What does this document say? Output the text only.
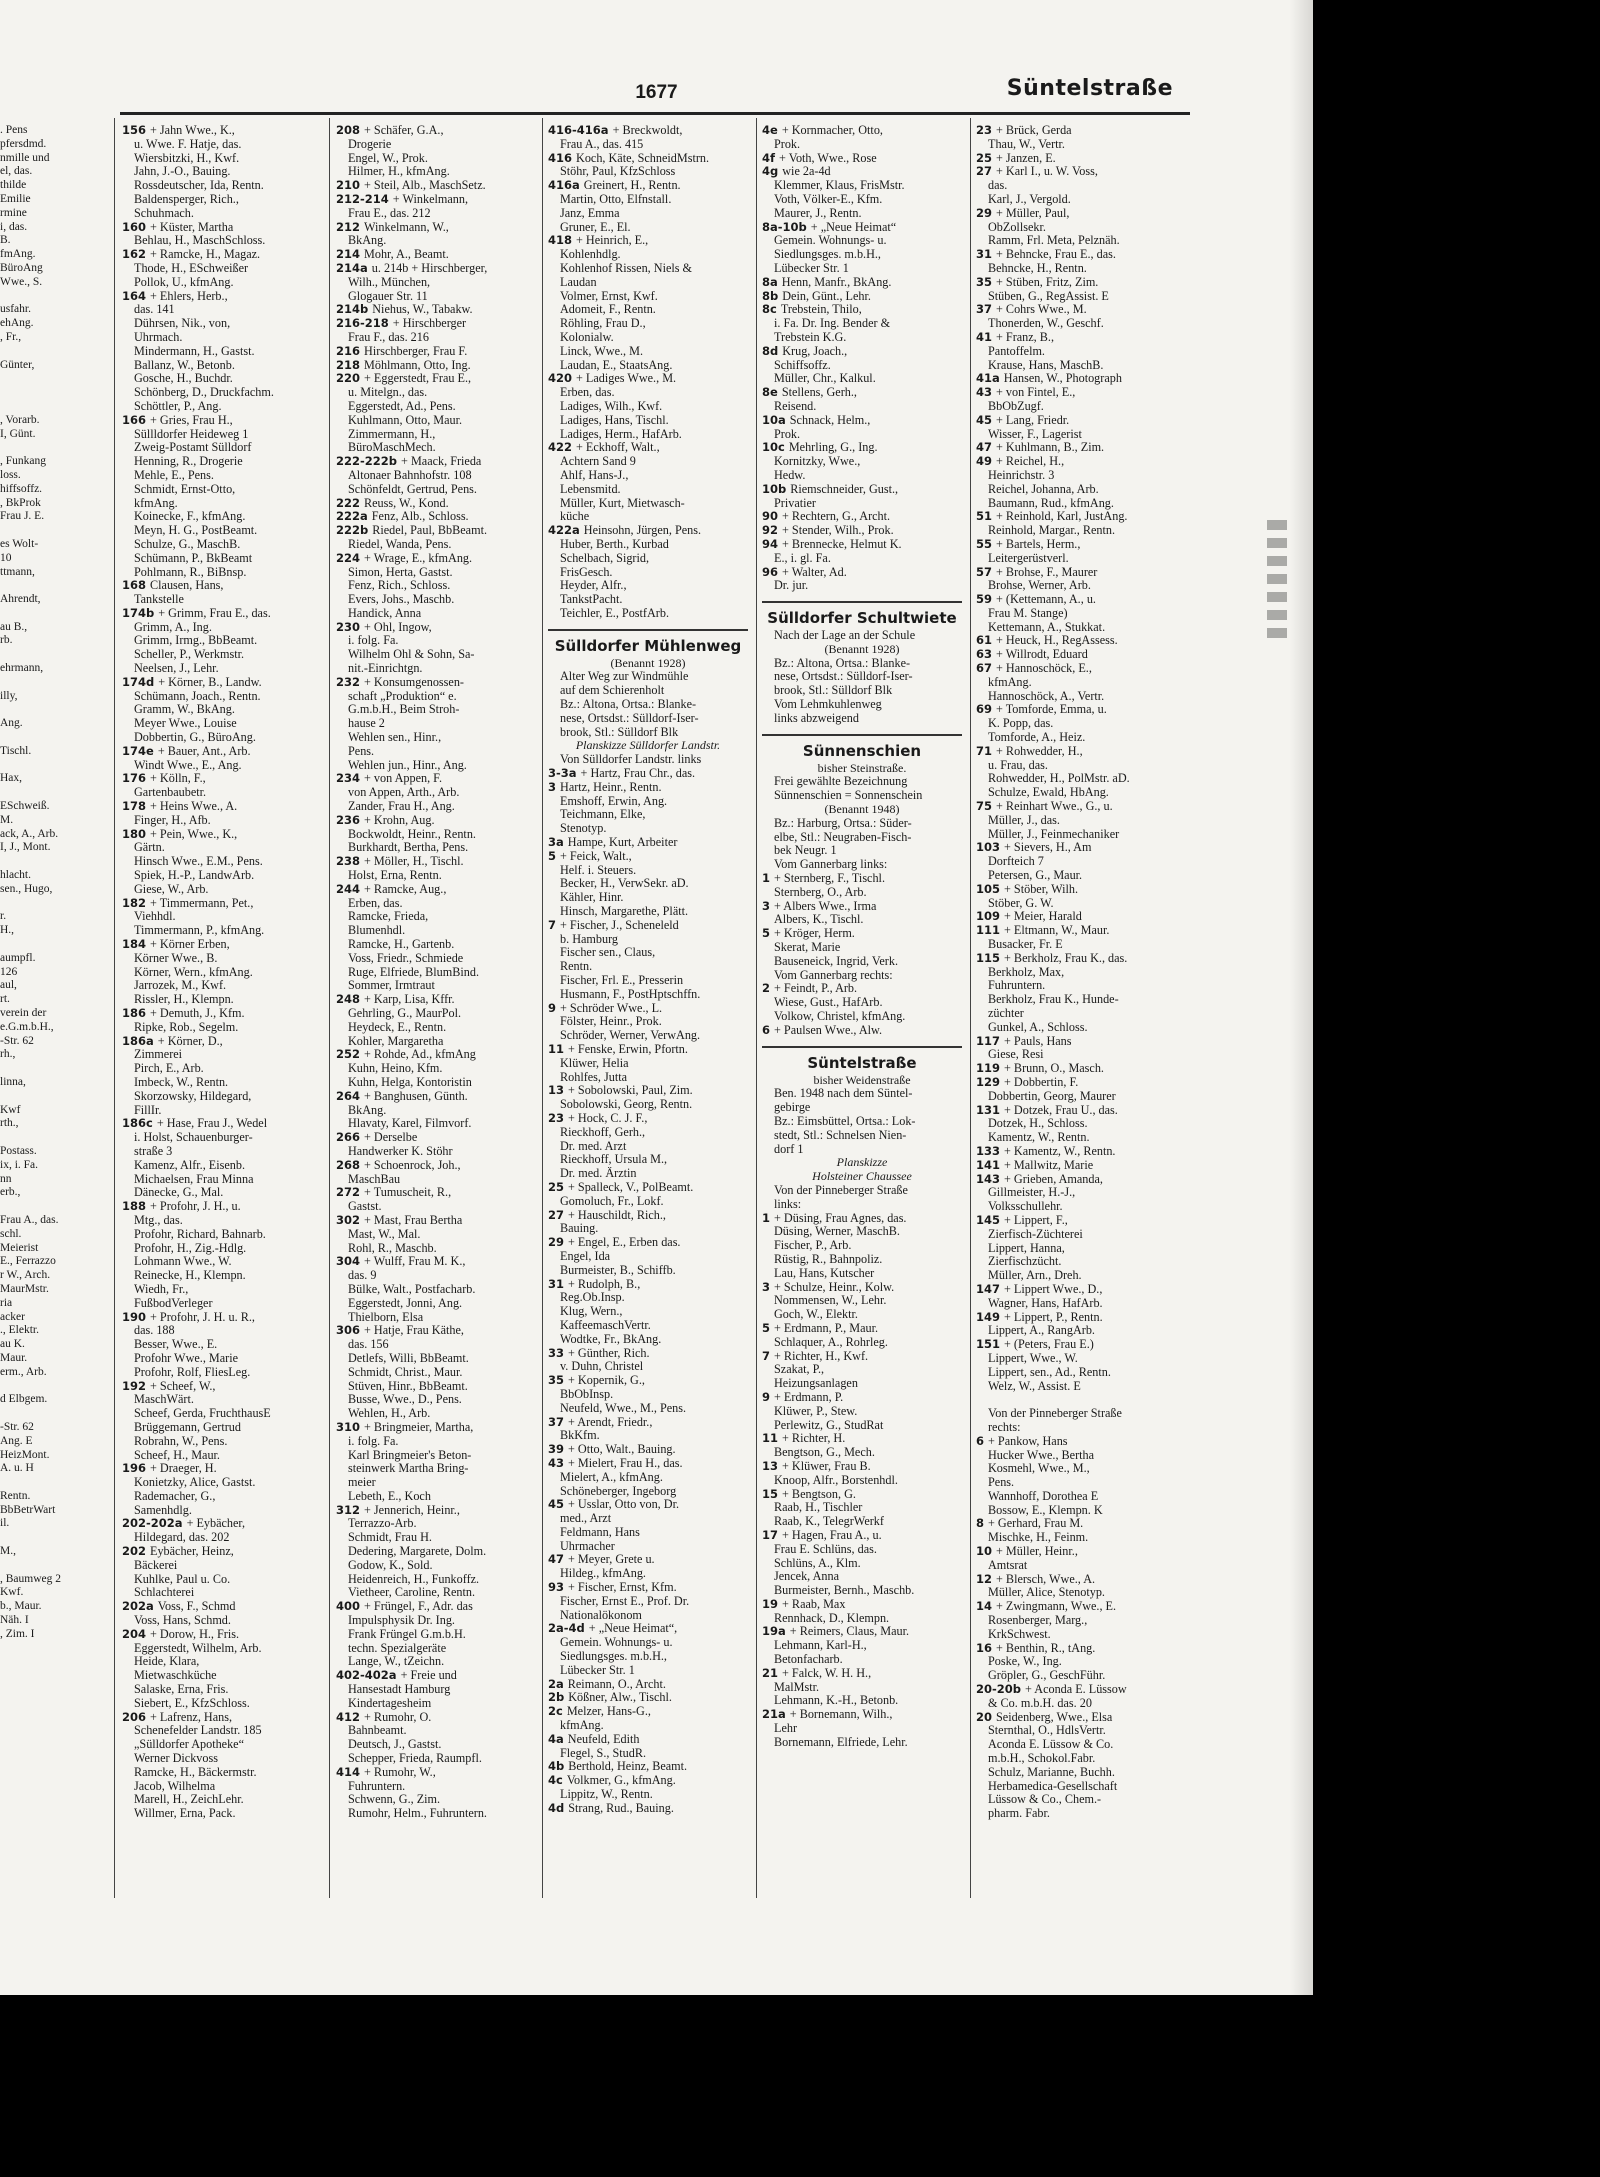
1677	Süntelstraße
. Pens
pfersdmd.
nmille und
el, das.
thilde
Emilie
rmine
i, das.
B.
fmAng.
BüroAng
Wwe., S.

usfahr.
ehAng.
, Fr.,

Günter,

, Vorarb.
I, Günt.

, Funkang
loss.
hiffsoffz.
, BkProk
Frau J. E.

es Wolt-
10
ttmann,

Ahrendt,

au B.,
rb.

ehrmann,

illy,

Ang.

Tischl.

Hax,

ESchweiß.
M.
ack, A., Arb.
I, J., Mont.

hlacht.
sen., Hugo,

r.
H.,

aumpfl.
126
aul,
rt.
verein der
e.G.m.b.H.,
-Str. 62
rh.,

linna,

Kwf
rth.,

Postass.
ix, i. Fa.
nn
erb.,

Frau A., das.
schl.
Meierist
E., Ferrazzo
r W., Arch.
MaurMstr.
ria
acker
., Elektr.
au K.
Maur.
erm., Arb.

d Elbgem.

-Str. 62
Ang. E
HeizMont.
A. u. H

Rentn.
BbBetrWart
il.

M.,

, Baumweg 2
Kwf.
b., Maur.
Näh. I
, Zim. I
156 + Jahn Wwe., K.,
u. Wwe. F. Hatje, das.
Wiersbitzki, H., Kwf.
Jahn, J.-O., Bauing.
Rossdeutscher, Ida, Rentn.
Baldensperger, Rich.,
Schuhmach.
160 + Küster, Martha
Behlau, H., MaschSchloss.
162 + Ramcke, H., Magaz.
Thode, H., ESchweißer
Pollok, U., kfmAng.
164 + Ehlers, Herb.,
das. 141
Dührsen, Nik., von,
Uhrmach.
Mindermann, H., Gastst.
Ballanz, W., Betonb.
Gosche, H., Buchdr.
Schönberg, D., Druckfachm.
Schöttler, P., Ang.
166 + Gries, Frau H.,
Süllldorfer Heideweg 1
Zweig-Postamt Sülldorf
Henning, R., Drogerie
Mehle, E., Pens.
Schmidt, Ernst-Otto,
kfmAng.
Koinecke, F., kfmAng.
Meyn, H. G., PostBeamt.
Schulze, G., MaschB.
Schümann, P., BkBeamt
Pohlmann, R., BiBnsp.
168 Clausen, Hans,
Tankstelle
174b + Grimm, Frau E., das.
Grimm, A., Ing.
Grimm, Irmg., BbBeamt.
Scheller, P., Werkmstr.
Neelsen, J., Lehr.
174d + Körner, B., Landw.
Schümann, Joach., Rentn.
Gramm, W., BkAng.
Meyer Wwe., Louise
Dobbertin, G., BüroAng.
174e + Bauer, Ant., Arb.
Windt Wwe., E., Ang.
176 + Kölln, F.,
Gartenbaubetr.
178 + Heins Wwe., A.
Finger, H., Afb.
180 + Pein, Wwe., K.,
Gärtn.
Hinsch Wwe., E.M., Pens.
Spiek, H.-P., LandwArb.
Giese, W., Arb.
182 + Timmermann, Pet.,
Viehhdl.
Timmermann, P., kfmAng.
184 + Körner Erben,
Körner Wwe., B.
Körner, Wern., kfmAng.
Jarrozek, M., Kwf.
Rissler, H., Klempn.
186 + Demuth, J., Kfm.
Ripke, Rob., Segelm.
186a + Körner, D.,
Zimmerei
Pirch, E., Arb.
Imbeck, W., Rentn.
Skorzowsky, Hildegard,
FillIr.
186c + Hase, Frau J., Wedel
i. Holst, Schauenburger-
straße 3
Kamenz, Alfr., Eisenb.
Michaelsen, Frau Minna
Dänecke, G., Mal.
188 + Profohr, J. H., u.
Mtg., das.
Profohr, Richard, Bahnarb.
Profohr, H., Zig.-Hdlg.
Lohmann Wwe., W.
Reinecke, H., Klempn.
Wiedh, Fr.,
FußbodVerleger
190 + Profohr, J. H. u. R.,
das. 188
Besser, Wwe., E.
Profohr Wwe., Marie
Profohr, Rolf, FliesLeg.
192 + Scheef, W.,
MaschWärt.
Scheef, Gerda, FruchthausE
Brüggemann, Gertrud
Robrahn, W., Pens.
Scheef, H., Maur.
196 + Draeger, H.
Konietzky, Alice, Gastst.
Rademacher, G.,
Samenhdlg.
202-202a + Eybächer,
Hildegard, das. 202
202 Eybächer, Heinz,
Bäckerei
Kuhlke, Paul u. Co.
Schlachterei
202a Voss, F., Schmd
Voss, Hans, Schmd.
204 + Dorow, H., Fris.
Eggerstedt, Wilhelm, Arb.
Heide, Klara,
Mietwaschküche
Salaske, Erna, Fris.
Siebert, E., KfzSchloss.
206 + Lafrenz, Hans,
Schenefelder Landstr. 185
„Sülldorfer Apotheke“
Werner Dickvoss
Ramcke, H., Bäckermstr.
Jacob, Wilhelma
Marell, H., ZeichLehr.
Willmer, Erna, Pack.
208 + Schäfer, G.A.,
Drogerie
Engel, W., Prok.
Hilmer, H., kfmAng.
210 + Steil, Alb., MaschSetz.
212-214 + Winkelmann,
Frau E., das. 212
212 Winkelmann, W.,
BkAng.
214 Mohr, A., Beamt.
214a u. 214b + Hirschberger,
Wilh., München,
Glogauer Str. 11
214b Niehus, W., Tabakw.
216-218 + Hirschberger
Frau F., das. 216
216 Hirschberger, Frau F.
218 Möhlmann, Otto, Ing.
220 + Eggerstedt, Frau E.,
u. Mitelgn., das.
Eggerstedt, Ad., Pens.
Kuhlmann, Otto, Maur.
Zimmermann, H.,
BüroMaschMech.
222-222b + Maack, Frieda
Altonaer Bahnhofstr. 108
Schönfeldt, Gertrud, Pens.
222 Reuss, W., Kond.
222a Fenz, Alb., Schloss.
222b Riedel, Paul, BbBeamt.
Riedel, Wanda, Pens.
224 + Wrage, E., kfmAng.
Simon, Herta, Gastst.
Fenz, Rich., Schloss.
Evers, Johs., Maschb.
Handick, Anna
230 + Ohl, Ingow,
i. folg. Fa.
Wilhelm Ohl & Sohn, Sa-
nit.-Einrichtgn.
232 + Konsumgenossen-
schaft „Produktion“ e.
G.m.b.H., Beim Stroh-
hause 2
Wehlen sen., Hinr.,
Pens.
Wehlen jun., Hinr., Ang.
234 + von Appen, F.
von Appen, Arth., Arb.
Zander, Frau H., Ang.
236 + Krohn, Aug.
Bockwoldt, Heinr., Rentn.
Burkhardt, Bertha, Pens.
238 + Möller, H., Tischl.
Holst, Erna, Rentn.
244 + Ramcke, Aug.,
Erben, das.
Ramcke, Frieda,
Blumenhdl.
Ramcke, H., Gartenb.
Voss, Friedr., Schmiede
Ruge, Elfriede, BlumBind.
Sommer, Irmtraut
248 + Karp, Lisa, Kffr.
Gehrling, G., MaurPol.
Heydeck, E., Rentn.
Kohler, Margaretha
252 + Rohde, Ad., kfmAng
Kuhn, Heino, Kfm.
Kuhn, Helga, Kontoristin
264 + Banghusen, Günth.
BkAng.
Hlavaty, Karel, Filmvorf.
266 + Derselbe
Handwerker K. Stöhr
268 + Schoenrock, Joh.,
MaschBau
272 + Tumuscheit, R.,
Gastst.
302 + Mast, Frau Bertha
Mast, W., Mal.
Rohl, R., Maschb.
304 + Wulff, Frau M. K.,
das. 9
Bülke, Walt., Postfacharb.
Eggerstedt, Jonni, Ang.
Thielborn, Elsa
306 + Hatje, Frau Käthe,
das. 156
Detlefs, Willi, BbBeamt.
Schmidt, Christ., Maur.
Stüven, Hinr., BbBeamt.
Busse, Wwe., D., Pens.
Wehlen, H., Arb.
310 + Bringmeier, Martha,
i. folg. Fa.
Karl Bringmeier's Beton-
steinwerk Martha Bring-
meier
Lebeth, E., Koch
312 + Jennerich, Heinr.,
Terrazzo-Arb.
Schmidt, Frau H.
Dedering, Margarete, Dolm.
Godow, K., Sold.
Heidenreich, H., Funkoffz.
Vietheer, Caroline, Rentn.
400 + Früngel, F., Adr. das
Impulsphysik Dr. Ing.
Frank Früngel G.m.b.H.
techn. Spezialgeräte
Lange, W., tZeichn.
402-402a + Freie und
Hansestadt Hamburg
Kindertagesheim
412 + Rumohr, O.
Bahnbeamt.
Deutsch, J., Gastst.
Schepper, Frieda, Raumpfl.
414 + Rumohr, W.,
Fuhruntern.
Schwenn, G., Zim.
Rumohr, Helm., Fuhruntern.
416-416a + Breckwoldt,
Frau A., das. 415
416 Koch, Käte, SchneidMstrn.
Stöhr, Paul, KfzSchloss
416a Greinert, H., Rentn.
Martin, Otto, Elfnstall.
Janz, Emma
Gruner, E., El.
418 + Heinrich, E.,
Kohlenhdlg.
Kohlenhof Rissen, Niels &
Laudan
Volmer, Ernst, Kwf.
Adomeit, F., Rentn.
Röhling, Frau D.,
Kolonialw.
Linck, Wwe., M.
Laudan, E., StaatsAng.
420 + Ladiges Wwe., M.
Erben, das.
Ladiges, Wilh., Kwf.
Ladiges, Hans, Tischl.
Ladiges, Herm., HafArb.
422 + Eckhoff, Walt.,
Achtern Sand 9
Ahlf, Hans-J.,
Lebensmitd.
Müller, Kurt, Mietwasch-
küche
422a Heinsohn, Jürgen, Pens.
Huber, Berth., Kurbad
Schelbach, Sigrid,
FrisGesch.
Heyder, Alfr.,
TankstPacht.
Teichler, E., PostfArb.
Sülldorfer Mühlenweg
(Benannt 1928)
Alter Weg zur Windmühle
auf dem Schierenholt
Bz.: Altona, Ortsa.: Blanke-
nese, Ortsdst.: Sülldorf-Iser-
brook, Stl.: Sülldorf Blk
Planskizze Sülldorfer Landstr.
Von Sülldorfer Landstr. links
3-3a + Hartz, Frau Chr., das.
3 Hartz, Heinr., Rentn.
Emshoff, Erwin, Ang.
Teichmann, Elke,
Stenotyp.
3a Hampe, Kurt, Arbeiter
5 + Feick, Walt.,
Helf. i. Steuers.
Becker, H., VerwSekr. aD.
Kähler, Hinr.
Hinsch, Margarethe, Plätt.
7 + Fischer, J., Scheneleld
b. Hamburg
Fischer sen., Claus,
Rentn.
Fischer, Frl. E., Presserin
Husmann, F., PostHptschffn.
9 + Schröder Wwe., L.
Fölster, Heinr., Prok.
Schröder, Werner, VerwAng.
11 + Fenske, Erwin, Pfortn.
Klüwer, Helia
Rohlfes, Jutta
13 + Sobolowski, Paul, Zim.
Sobolowski, Georg, Rentn.
23 + Hock, C. J. F.,
Rieckhoff, Gerh.,
Dr. med. Arzt
Rieckhoff, Ursula M.,
Dr. med. Ärztin
25 + Spalleck, V., PolBeamt.
Gomoluch, Fr., Lokf.
27 + Hauschildt, Rich.,
Bauing.
29 + Engel, E., Erben das.
Engel, Ida
Burmeister, B., Schiffb.
31 + Rudolph, B.,
Reg.Ob.Insp.
Klug, Wern.,
KaffeemaschVertr.
Wodtke, Fr., BkAng.
33 + Günther, Rich.
v. Duhn, Christel
35 + Kopernik, G.,
BbObInsp.
Neufeld, Wwe., M., Pens.
37 + Arendt, Friedr.,
BkKfm.
39 + Otto, Walt., Bauing.
43 + Mielert, Frau H., das.
Mielert, A., kfmAng.
Schöneberger, Ingeborg
45 + Usslar, Otto von, Dr.
med., Arzt
Feldmann, Hans
Uhrmacher
47 + Meyer, Grete u.
Hildeg., kfmAng.
93 + Fischer, Ernst, Kfm.
Fischer, Ernst E., Prof. Dr.
Nationalökonom
2a-4d + „Neue Heimat“,
Gemein. Wohnungs- u.
Siedlungsges. m.b.H.,
Lübecker Str. 1
2a Reimann, O., Archt.
2b Kößner, Alw., Tischl.
2c Melzer, Hans-G.,
kfmAng.
4a Neufeld, Edith
Flegel, S., StudR.
4b Berthold, Heinz, Beamt.
4c Volkmer, G., kfmAng.
Lippitz, W., Rentn.
4d Strang, Rud., Bauing.
4e + Kornmacher, Otto,
Prok.
4f + Voth, Wwe., Rose
4g wie 2a-4d
Klemmer, Klaus, FrisMstr.
Voth, Völker-E., Kfm.
Maurer, J., Rentn.
8a-10b + „Neue Heimat“
Gemein. Wohnungs- u.
Siedlungsges. m.b.H.,
Lübecker Str. 1
8a Henn, Manfr., BkAng.
8b Dein, Günt., Lehr.
8c Trebstein, Thilo,
i. Fa. Dr. Ing. Bender &
Trebstein K.G.
8d Krug, Joach.,
Schiffsoffz.
Müller, Chr., Kalkul.
8e Stellens, Gerh.,
Reisend.
10a Schnack, Helm.,
Prok.
10c Mehrling, G., Ing.
Kornitzky, Wwe.,
Hedw.
10b Riemschneider, Gust.,
Privatier
90 + Rechtern, G., Archt.
92 + Stender, Wilh., Prok.
94 + Brennecke, Helmut K.
E., i. gl. Fa.
96 + Walter, Ad.
Dr. jur.
Sülldorfer Schultwiete
Nach der Lage an der Schule
(Benannt 1928)
Bz.: Altona, Ortsa.: Blanke-
nese, Ortsdst.: Sülldorf-Iser-
brook, Stl.: Sülldorf Blk
Vom Lehmkuhlenweg
links abzweigend
Sünnenschien
bisher Steinstraße.
Frei gewählte Bezeichnung
Sünnenschien = Sonnenschein
(Benannt 1948)
Bz.: Harburg, Ortsa.: Süder-
elbe, Stl.: Neugraben-Fisch-
bek Neugr. 1
Vom Gannerbarg links:
1 + Sternberg, F., Tischl.
Sternberg, O., Arb.
3 + Albers Wwe., Irma
Albers, K., Tischl.
5 + Kröger, Herm.
Skerat, Marie
Bauseneick, Ingrid, Verk.
Vom Gannerbarg rechts:
2 + Feindt, P., Arb.
Wiese, Gust., HafArb.
Volkow, Christel, kfmAng.
6 + Paulsen Wwe., Alw.
Süntelstraße
bisher Weidenstraße
Ben. 1948 nach dem Süntel-
gebirge
Bz.: Eimsbüttel, Ortsa.: Lok-
stedt, Stl.: Schnelsen Nien-
dorf 1
Planskizze
Holsteiner Chaussee
Von der Pinneberger Straße
links:
1 + Düsing, Frau Agnes, das.
Düsing, Werner, MaschB.
Fischer, P., Arb.
Rüstig, R., Bahnpoliz.
Lau, Hans, Kutscher
3 + Schulze, Heinr., Kolw.
Nommensen, W., Lehr.
Goch, W., Elektr.
5 + Erdmann, P., Maur.
Schlaquer, A., Rohrleg.
7 + Richter, H., Kwf.
Szakat, P.,
Heizungsanlagen
9 + Erdmann, P.
Klüwer, P., Stew.
Perlewitz, G., StudRat
11 + Richter, H.
Bengtson, G., Mech.
13 + Klüwer, Frau B.
Knoop, Alfr., Borstenhdl.
15 + Bengtson, G.
Raab, H., Tischler
Raab, K., TelegrWerkf
17 + Hagen, Frau A., u.
Frau E. Schlüns, das.
Schlüns, A., Klm.
Jencek, Anna
Burmeister, Bernh., Maschb.
19 + Raab, Max
Rennhack, D., Klempn.
19a + Reimers, Claus, Maur.
Lehmann, Karl-H.,
Betonfacharb.
21 + Falck, W. H. H.,
MalMstr.
Lehmann, K.-H., Betonb.
21a + Bornemann, Wilh.,
Lehr
Bornemann, Elfriede, Lehr.
23 + Brück, Gerda
Thau, W., Vertr.
25 + Janzen, E.
27 + Karl I., u. W. Voss,
das.
Karl, J., Vergold.
29 + Müller, Paul,
ObZollsekr.
Ramm, Frl. Meta, Pelznäh.
31 + Behncke, Frau E., das.
Behncke, H., Rentn.
35 + Stüben, Fritz, Zim.
Stüben, G., RegAssist. E
37 + Cohrs Wwe., M.
Thonerden, W., Geschf.
41 + Franz, B.,
Pantoffelm.
Krause, Hans, MaschB.
41a Hansen, W., Photograph
43 + von Fintel, E.,
BbObZugf.
45 + Lang, Friedr.
Wisser, F., Lagerist
47 + Kuhlmann, B., Zim.
49 + Reichel, H.,
Heinrichstr. 3
Reichel, Johanna, Arb.
Baumann, Rud., kfmAng.
51 + Reinhold, Karl, JustAng.
Reinhold, Margar., Rentn.
55 + Bartels, Herm.,
Leitergerüstverl.
57 + Brohse, F., Maurer
Brohse, Werner, Arb.
59 + (Kettemann, A., u.
Frau M. Stange)
Kettemann, A., Stukkat.
61 + Heuck, H., RegAssess.
63 + Willrodt, Eduard
67 + Hannoschöck, E.,
kfmAng.
Hannoschöck, A., Vertr.
69 + Tomforde, Emma, u.
K. Popp, das.
Tomforde, A., Heiz.
71 + Rohwedder, H.,
u. Frau, das.
Rohwedder, H., PolMstr. aD.
Schulze, Ewald, HbAng.
75 + Reinhart Wwe., G., u.
Müller, J., das.
Müller, J., Feinmechaniker
103 + Sievers, H., Am
Dorfteich 7
Petersen, G., Maur.
105 + Stöber, Wilh.
Stöber, G. W.
109 + Meier, Harald
111 + Eltmann, W., Maur.
Busacker, Fr. E
115 + Berkholz, Frau K., das.
Berkholz, Max,
Fuhruntern.
Berkholz, Frau K., Hunde-
züchter
Gunkel, A., Schloss.
117 + Pauls, Hans
Giese, Resi
119 + Brunn, O., Masch.
129 + Dobbertin, F.
Dobbertin, Georg, Maurer
131 + Dotzek, Frau U., das.
Dotzek, H., Schloss.
Kamentz, W., Rentn.
133 + Kamentz, W., Rentn.
141 + Mallwitz, Marie
143 + Grieben, Amanda,
Gillmeister, H.-J.,
Volksschullehr.
145 + Lippert, F.,
Zierfisch-Züchterei
Lippert, Hanna,
Zierfischzücht.
Müller, Arn., Dreh.
147 + Lippert Wwe., D.,
Wagner, Hans, HafArb.
149 + Lippert, P., Rentn.
Lippert, A., RangArb.
151 + (Peters, Frau E.)
Lippert, Wwe., W.
Lippert, sen., Ad., Rentn.
Welz, W., Assist. E

Von der Pinneberger Straße
rechts:
6 + Pankow, Hans
Hucker Wwe., Bertha
Kosmehl, Wwe., M.,
Pens.
Wannhoff, Dorothea E
Bossow, E., Klempn. K
8 + Gerhard, Frau M.
Mischke, H., Feinm.
10 + Müller, Heinr.,
Amtsrat
12 + Blersch, Wwe., A.
Müller, Alice, Stenotyp.
14 + Zwingmann, Wwe., E.
Rosenberger, Marg.,
KrkSchwest.
16 + Benthin, R., tAng.
Poske, W., Ing.
Gröpler, G., GeschFühr.
20-20b + Aconda E. Lüssow
& Co. m.b.H. das. 20
20 Seidenberg, Wwe., Elsa
Sternthal, O., HdlsVertr.
Aconda E. Lüssow & Co.
m.b.H., Schokol.Fabr.
Schulz, Marianne, Buchh.
Herbamedica-Gesellschaft
Lüssow & Co., Chem.-
pharm. Fabr.
